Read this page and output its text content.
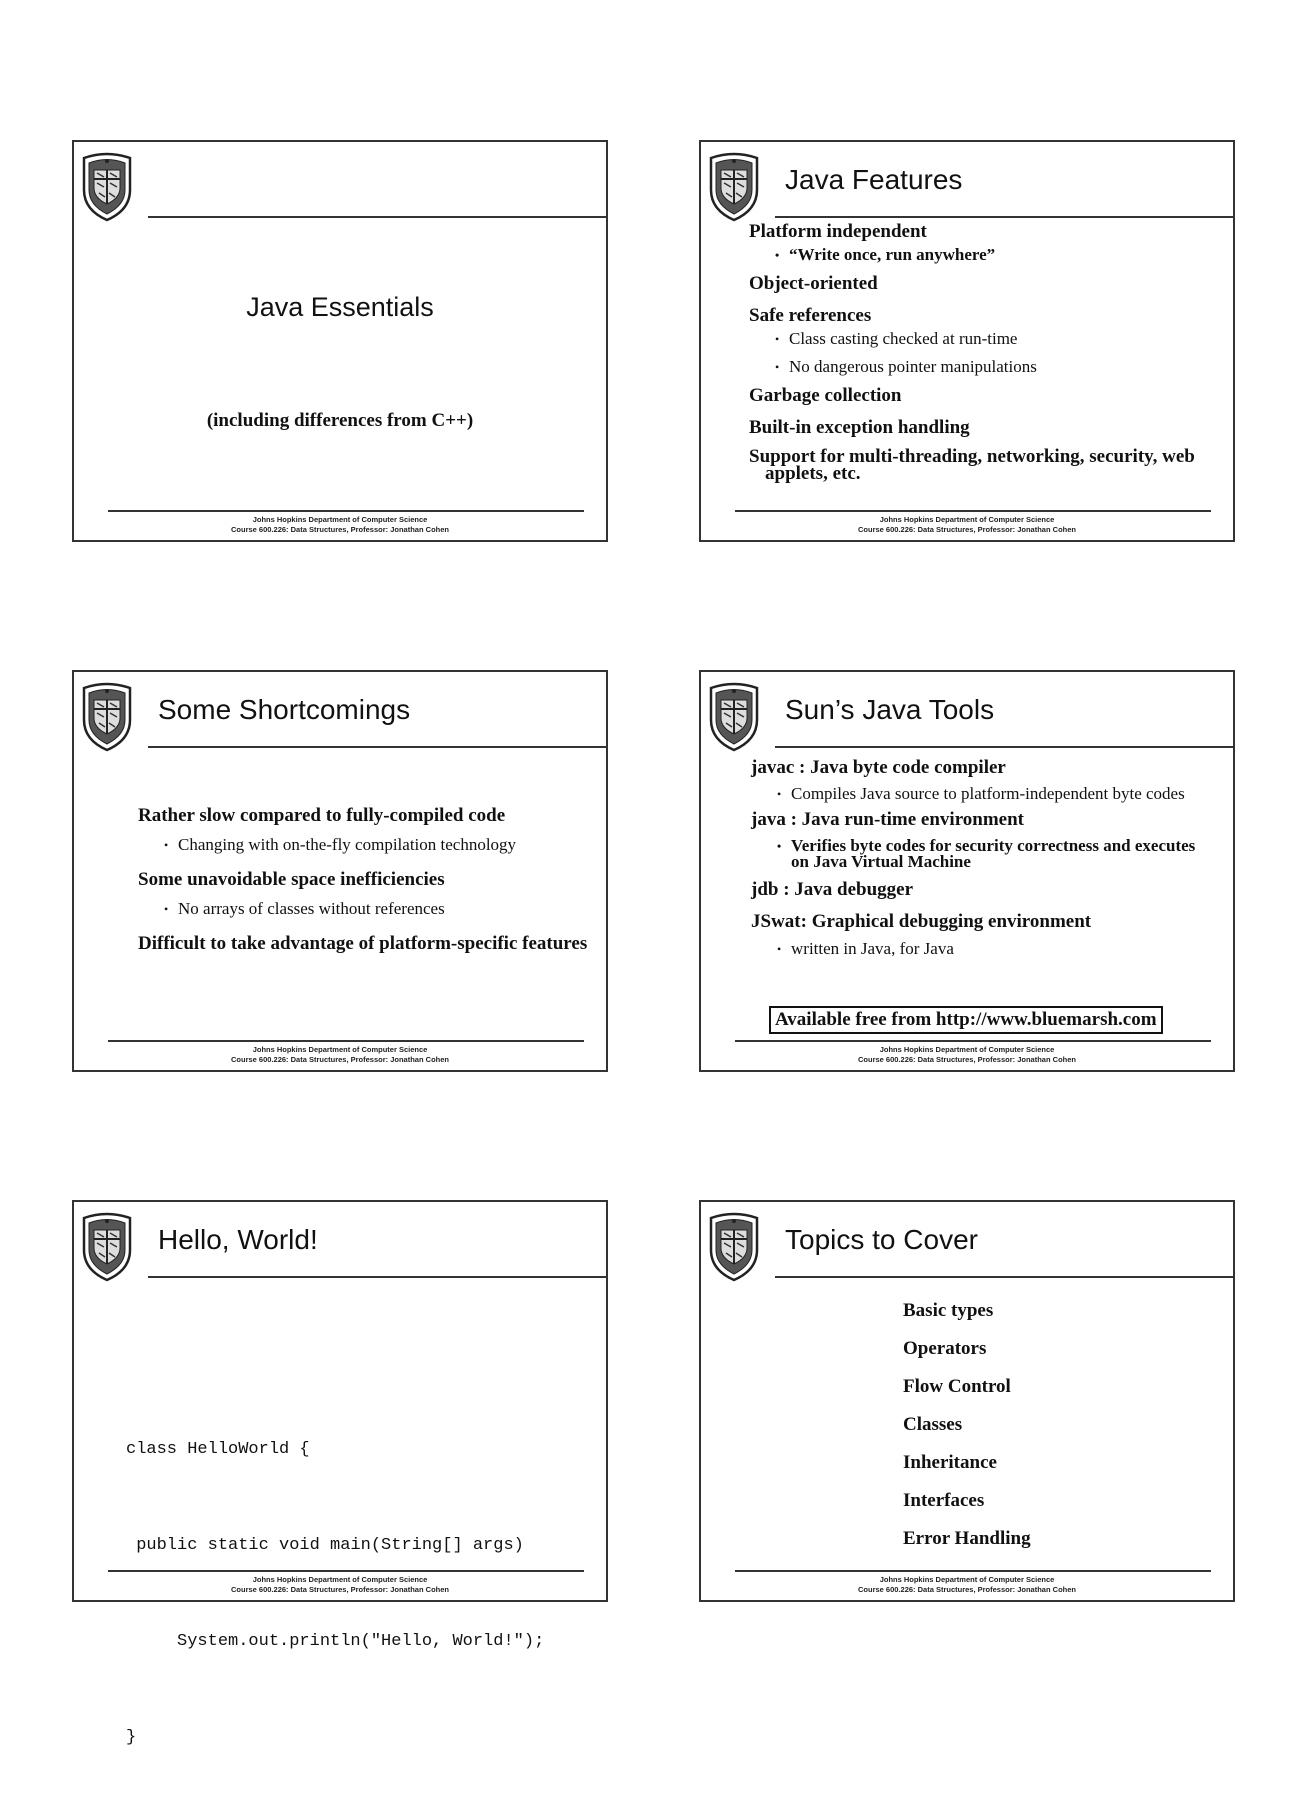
Java Essentials
(including differences from C++)
Johns Hopkins Department of Computer Science
Course 600.226: Data Structures, Professor: Jonathan Cohen
Java Features
Platform independent
• “Write once, run anywhere”
Object-oriented
Safe references
• Class casting checked at run-time
• No dangerous pointer manipulations
Garbage collection
Built-in exception handling
Support for multi-threading, networking, security, web applets, etc.
Johns Hopkins Department of Computer Science
Course 600.226: Data Structures, Professor: Jonathan Cohen
Some Shortcomings
Rather slow compared to fully-compiled code
• Changing with on-the-fly compilation technology
Some unavoidable space inefficiencies
• No arrays of classes without references
Difficult to take advantage of platform-specific features
Johns Hopkins Department of Computer Science
Course 600.226: Data Structures, Professor: Jonathan Cohen
Sun’s Java Tools
javac : Java byte code compiler
• Compiles Java source to platform-independent byte codes
java : Java run-time environment
• Verifies byte codes for security correctness and executes on Java Virtual Machine
jdb : Java debugger
JSwat: Graphical debugging environment
• written in Java, for Java
Available free from http://www.bluemarsh.com
Johns Hopkins Department of Computer Science
Course 600.226: Data Structures, Professor: Jonathan Cohen
Hello, World!

class HelloWorld {

public static void main(String[] args)

System.out.println("Hello, World!");

}

Johns Hopkins Department of Computer Science
Course 600.226: Data Structures, Professor: Jonathan Cohen
Topics to Cover
Basic types
Operators
Flow Control
Classes
Inheritance
Interfaces
Error Handling
Johns Hopkins Department of Computer Science
Course 600.226: Data Structures, Professor: Jonathan Cohen
